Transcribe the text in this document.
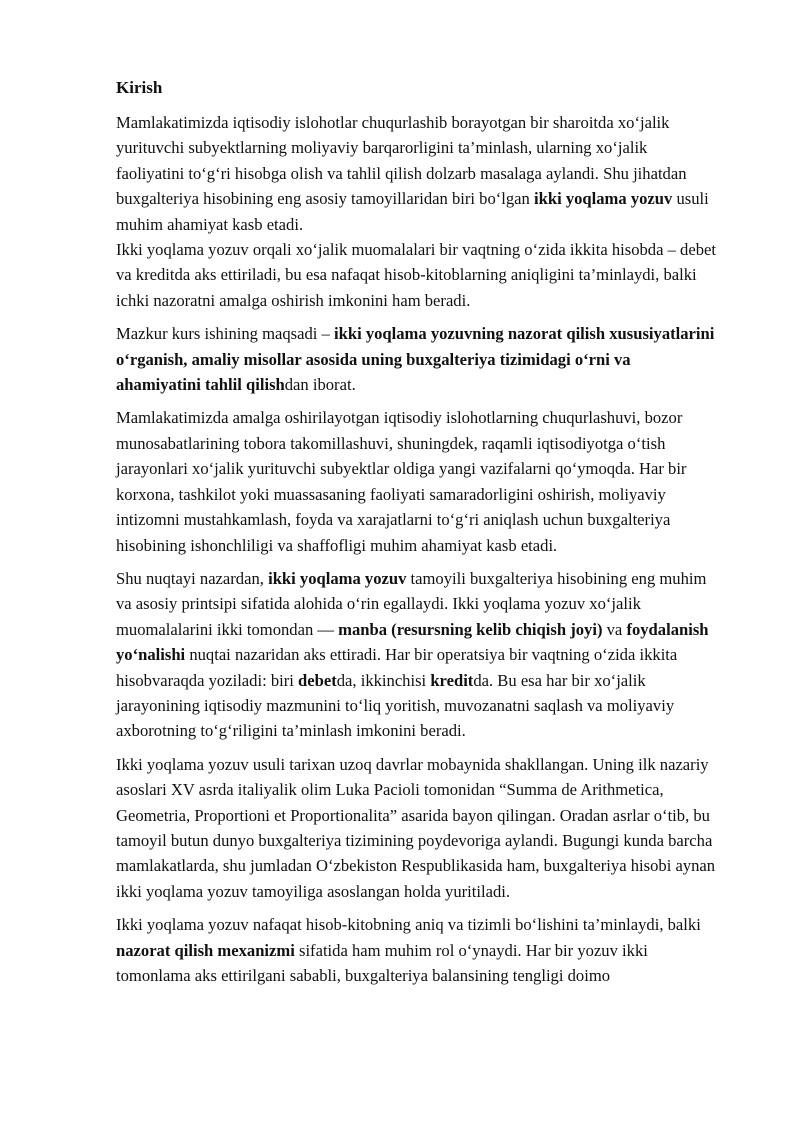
Kirish
Mamlakatimizda iqtisodiy islohotlar chuqurlashib borayotgan bir sharoitda xo‘jalik yurituvchi subyektlarning moliyaviy barqarorligini ta’minlash, ularning xo‘jalik faoliyatini to‘g‘ri hisobga olish va tahlil qilish dolzarb masalaga aylandi. Shu jihatdan buxgalteriya hisobining eng asosiy tamoyillaridan biri bo‘lgan ikki yoqlama yozuv usuli muhim ahamiyat kasb etadi.
Ikki yoqlama yozuv orqali xo‘jalik muomalalari bir vaqtning o‘zida ikkita hisobda – debet va kreditda aks ettiriladi, bu esa nafaqat hisob-kitoblarning aniqligini ta’minlaydi, balki ichki nazoratni amalga oshirish imkonini ham beradi.
Mazkur kurs ishining maqsadi – ikki yoqlama yozuvning nazorat qilish xususiyatlarini o‘rganish, amaliy misollar asosida uning buxgalteriya tizimidagi o‘rni va ahamiyatini tahlil qilishdan iborat.
Mamlakatimizda amalga oshirilayotgan iqtisodiy islohotlarning chuqurlashuvi, bozor munosabatlarining tobora takomillashuvi, shuningdek, raqamli iqtisodiyotga o‘tish jarayonlari xo‘jalik yurituvchi subyektlar oldiga yangi vazifalarni qo‘ymoqda. Har bir korxona, tashkilot yoki muassasaning faoliyati samaradorligini oshirish, moliyaviy intizomni mustahkamlash, foyda va xarajatlarni to‘g‘ri aniqlash uchun buxgalteriya hisobining ishonchliligi va shaffofligi muhim ahamiyat kasb etadi.
Shu nuqtayi nazardan, ikki yoqlama yozuv tamoyili buxgalteriya hisobining eng muhim va asosiy printsipi sifatida alohida o‘rin egallaydi. Ikki yoqlama yozuv xo‘jalik muomalalarini ikki tomondan — manba (resursning kelib chiqish joyi) va foydalanish yo‘nalishi nuqtai nazaridan aks ettiradi. Har bir operatsiya bir vaqtning o‘zida ikkita hisobvaraqda yoziladi: biri debetda, ikkinchisi kreditda. Bu esa har bir xo‘jalik jarayonining iqtisodiy mazmunini to‘liq yoritish, muvozanatni saqlash va moliyaviy axborotning to‘g‘riligini ta’minlash imkonini beradi.
Ikki yoqlama yozuv usuli tarixan uzoq davrlar mobaynida shakllangan. Uning ilk nazariy asoslari XV asrda italiyalik olim Luka Pacioli tomonidan “Summa de Arithmetica, Geometria, Proportioni et Proportionalita” asarida bayon qilingan. Oradan asrlar o‘tib, bu tamoyil butun dunyo buxgalteriya tizimining poydevoriga aylandi. Bugungi kunda barcha mamlakatlarda, shu jumladan O‘zbekiston Respublikasida ham, buxgalteriya hisobi aynan ikki yoqlama yozuv tamoyiliga asoslangan holda yuritiladi.
Ikki yoqlama yozuv nafaqat hisob-kitobning aniq va tizimli bo‘lishini ta’minlaydi, balki nazorat qilish mexanizmi sifatida ham muhim rol o‘ynaydi. Har bir yozuv ikki tomonlama aks ettirilgani sababli, buxgalteriya balansining tengligi doimo
